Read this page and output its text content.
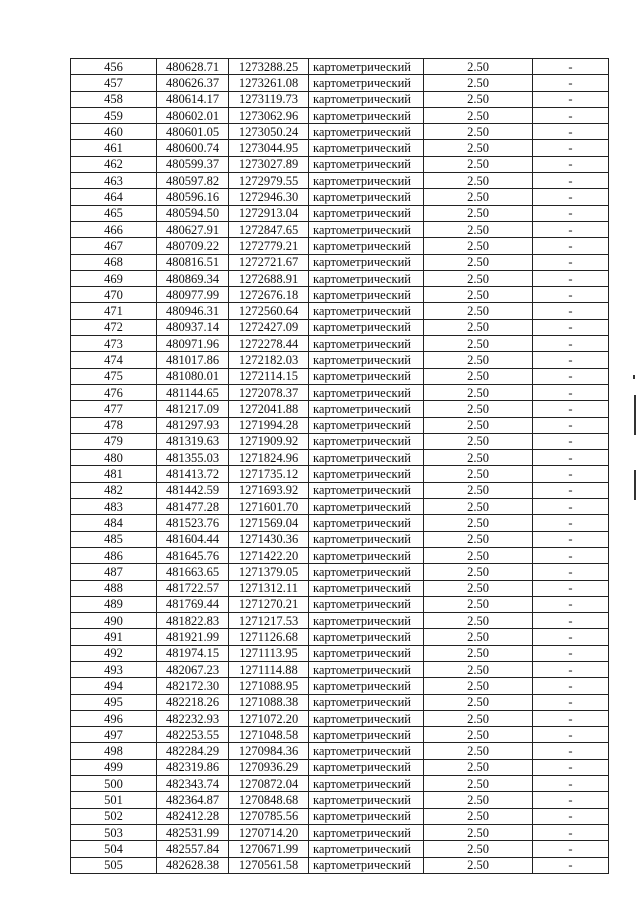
456	480628.71	1273288.25	картометрический	2.50	-
457	480626.37	1273261.08	картометрический	2.50	-
458	480614.17	1273119.73	картометрический	2.50	-
459	480602.01	1273062.96	картометрический	2.50	-
460	480601.05	1273050.24	картометрический	2.50	-
461	480600.74	1273044.95	картометрический	2.50	-
462	480599.37	1273027.89	картометрический	2.50	-
463	480597.82	1272979.55	картометрический	2.50	-
464	480596.16	1272946.30	картометрический	2.50	-
465	480594.50	1272913.04	картометрический	2.50	-
466	480627.91	1272847.65	картометрический	2.50	-
467	480709.22	1272779.21	картометрический	2.50	-
468	480816.51	1272721.67	картометрический	2.50	-
469	480869.34	1272688.91	картометрический	2.50	-
470	480977.99	1272676.18	картометрический	2.50	-
471	480946.31	1272560.64	картометрический	2.50	-
472	480937.14	1272427.09	картометрический	2.50	-
473	480971.96	1272278.44	картометрический	2.50	-
474	481017.86	1272182.03	картометрический	2.50	-
475	481080.01	1272114.15	картометрический	2.50	-
476	481144.65	1272078.37	картометрический	2.50	-
477	481217.09	1272041.88	картометрический	2.50	-
478	481297.93	1271994.28	картометрический	2.50	-
479	481319.63	1271909.92	картометрический	2.50	-
480	481355.03	1271824.96	картометрический	2.50	-
481	481413.72	1271735.12	картометрический	2.50	-
482	481442.59	1271693.92	картометрический	2.50	-
483	481477.28	1271601.70	картометрический	2.50	-
484	481523.76	1271569.04	картометрический	2.50	-
485	481604.44	1271430.36	картометрический	2.50	-
486	481645.76	1271422.20	картометрический	2.50	-
487	481663.65	1271379.05	картометрический	2.50	-
488	481722.57	1271312.11	картометрический	2.50	-
489	481769.44	1271270.21	картометрический	2.50	-
490	481822.83	1271217.53	картометрический	2.50	-
491	481921.99	1271126.68	картометрический	2.50	-
492	481974.15	1271113.95	картометрический	2.50	-
493	482067.23	1271114.88	картометрический	2.50	-
494	482172.30	1271088.95	картометрический	2.50	-
495	482218.26	1271088.38	картометрический	2.50	-
496	482232.93	1271072.20	картометрический	2.50	-
497	482253.55	1271048.58	картометрический	2.50	-
498	482284.29	1270984.36	картометрический	2.50	-
499	482319.86	1270936.29	картометрический	2.50	-
500	482343.74	1270872.04	картометрический	2.50	-
501	482364.87	1270848.68	картометрический	2.50	-
502	482412.28	1270785.56	картометрический	2.50	-
503	482531.99	1270714.20	картометрический	2.50	-
504	482557.84	1270671.99	картометрический	2.50	-
505	482628.38	1270561.58	картометрический	2.50	-
